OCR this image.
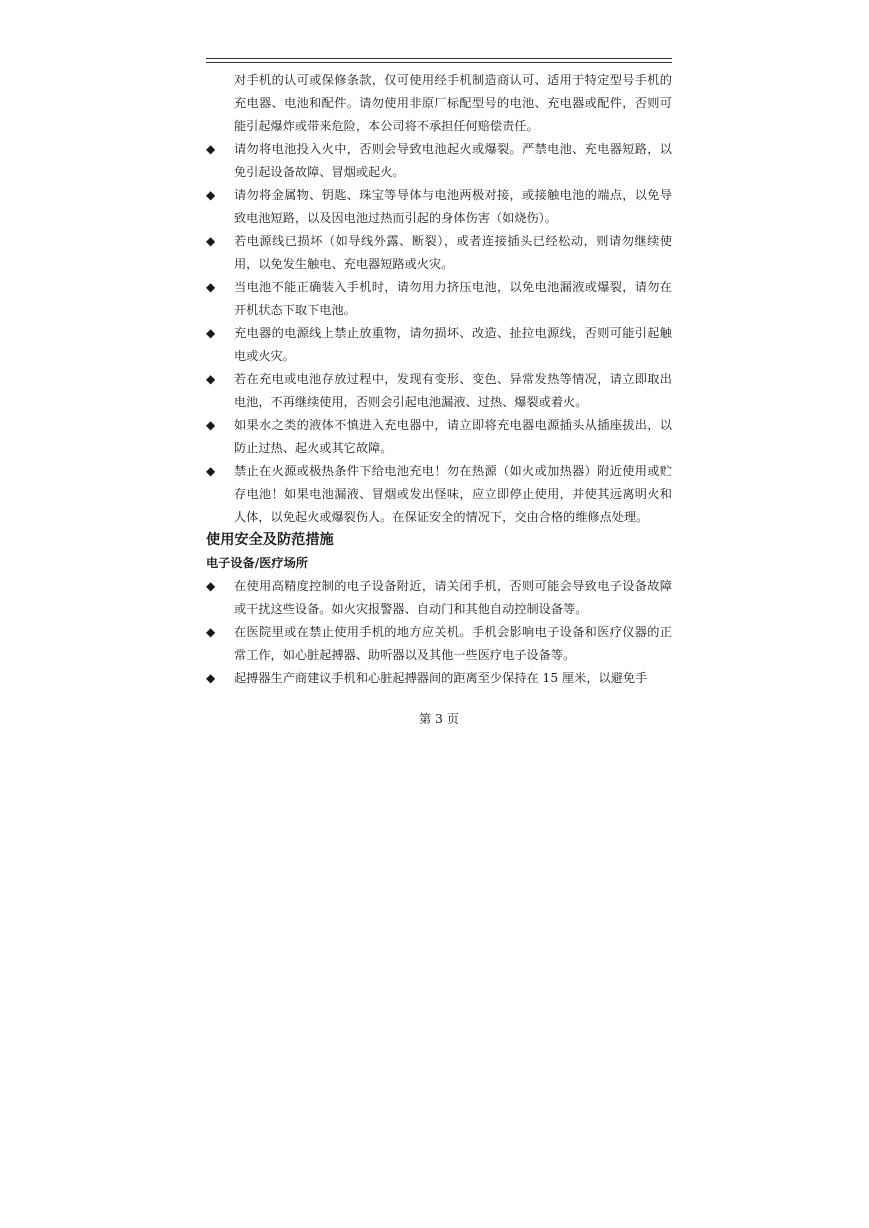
对手机的认可或保修条款，仅可使用经手机制造商认可、适用于特定型号手机的充电器、电池和配件。请勿使用非原厂标配型号的电池、充电器或配件，否则可能引起爆炸或带来危险，本公司将不承担任何赔偿责任。
◆ 请勿将电池投入火中，否则会导致电池起火或爆裂。严禁电池、充电器短路，以免引起设备故障、冒烟或起火。
◆ 请勿将金属物、钥匙、珠宝等导体与电池两极对接，或接触电池的端点，以免导致电池短路，以及因电池过热而引起的身体伤害（如烧伤）。
◆ 若电源线已损坏（如导线外露、断裂），或者连接插头已经松动，则请勿继续使用，以免发生触电、充电器短路或火灾。
◆ 当电池不能正确装入手机时，请勿用力挤压电池，以免电池漏液或爆裂，请勿在开机状态下取下电池。
◆ 充电器的电源线上禁止放重物，请勿损坏、改造、扯拉电源线，否则可能引起触电或火灾。
◆ 若在充电或电池存放过程中，发现有变形、变色、异常发热等情况，请立即取出电池，不再继续使用，否则会引起电池漏液、过热、爆裂或着火。
◆ 如果水之类的液体不慎进入充电器中，请立即将充电器电源插头从插座拔出，以防止过热、起火或其它故障。
◆ 禁止在火源或极热条件下给电池充电！勿在热源（如火或加热器）附近使用或贮存电池！如果电池漏液、冒烟或发出怪味，应立即停止使用，并使其远离明火和人体，以免起火或爆裂伤人。在保证安全的情况下，交由合格的维修点处理。
使用安全及防范措施
电子设备/医疗场所
◆ 在使用高精度控制的电子设备附近，请关闭手机，否则可能会导致电子设备故障或干扰这些设备。如火灾报警器、自动门和其他自动控制设备等。
◆ 在医院里或在禁止使用手机的地方应关机。手机会影响电子设备和医疗仪器的正常工作，如心脏起搏器、助听器以及其他一些医疗电子设备等。
◆ 起搏器生产商建议手机和心脏起搏器间的距离至少保持在 15 厘米，以避免手
第 3 页
